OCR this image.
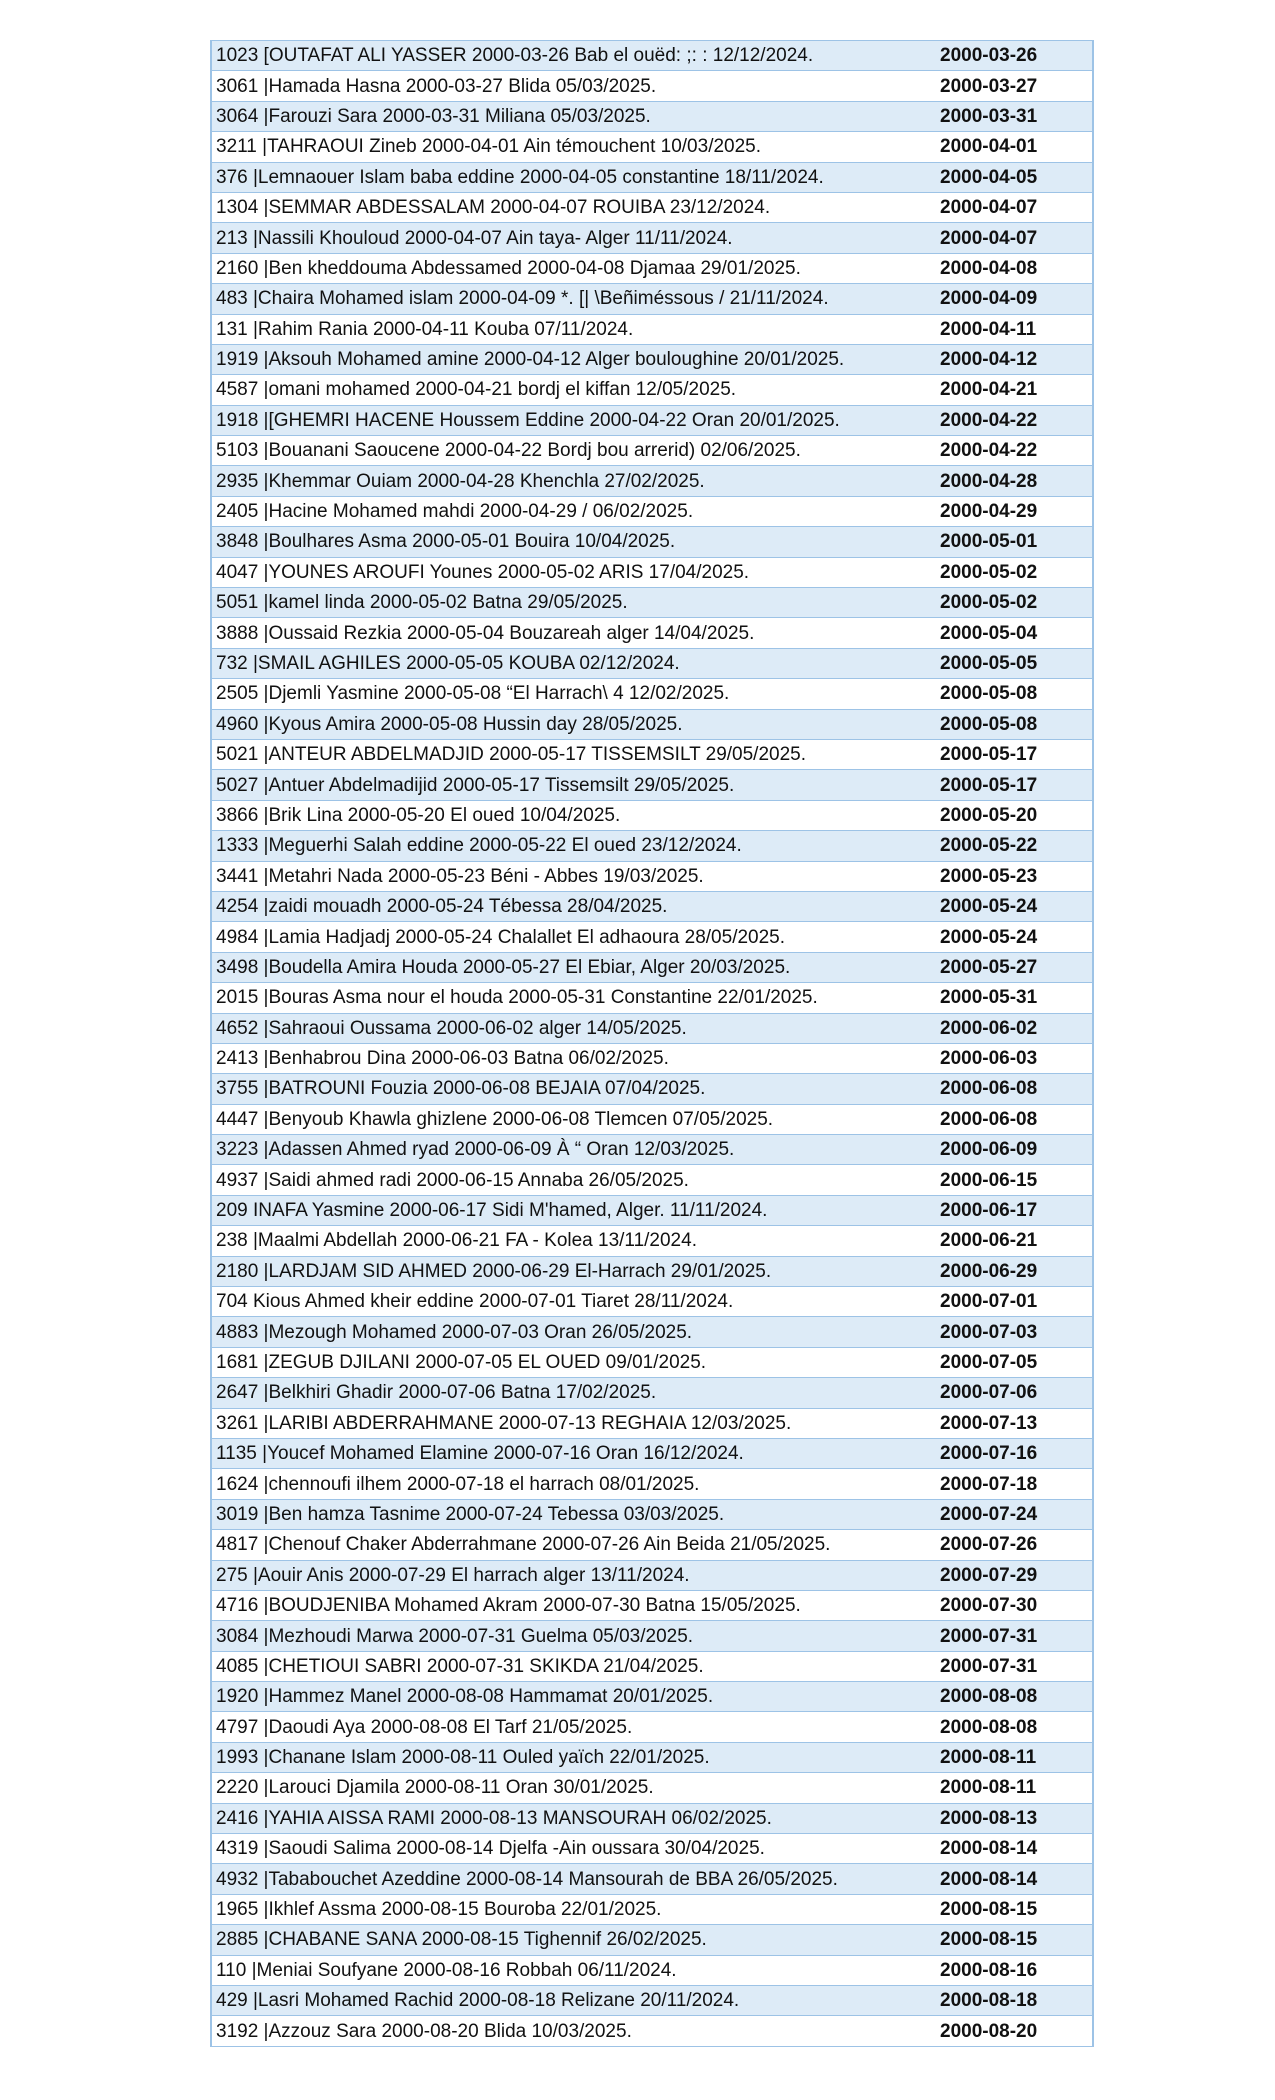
1023 [OUTAFAT ALI YASSER 2000-03-26 Bab el ouëd: ;: : 12/12/2024.	2000-03-26
3061 |Hamada Hasna 2000-03-27 Blida 05/03/2025.	2000-03-27
3064 |Farouzi Sara 2000-03-31 Miliana 05/03/2025.	2000-03-31
3211 |TAHRAOUI Zineb 2000-04-01 Ain témouchent 10/03/2025.	2000-04-01
376 |Lemnaouer Islam baba eddine 2000-04-05 constantine 18/11/2024.	2000-04-05
1304 |SEMMAR ABDESSALAM 2000-04-07 ROUIBA 23/12/2024.	2000-04-07
213 |Nassili Khouloud 2000-04-07 Ain taya- Alger 11/11/2024.	2000-04-07
2160 |Ben kheddouma Abdessamed 2000-04-08 Djamaa 29/01/2025.	2000-04-08
483 |Chaira Mohamed islam 2000-04-09 *. [| \Beñiméssous / 21/11/2024.	2000-04-09
131 |Rahim Rania 2000-04-11 Kouba 07/11/2024.	2000-04-11
1919 |Aksouh Mohamed amine 2000-04-12 Alger bouloughine 20/01/2025.	2000-04-12
4587 |omani mohamed 2000-04-21 bordj el kiffan 12/05/2025.	2000-04-21
1918 |[GHEMRI HACENE Houssem Eddine 2000-04-22 Oran 20/01/2025.	2000-04-22
5103 |Bouanani Saoucene 2000-04-22 Bordj bou arrerid) 02/06/2025.	2000-04-22
2935 |Khemmar Ouiam 2000-04-28 Khenchla 27/02/2025.	2000-04-28
2405 |Hacine Mohamed mahdi 2000-04-29 / 06/02/2025.	2000-04-29
3848 |Boulhares Asma 2000-05-01 Bouira 10/04/2025.	2000-05-01
4047 |YOUNES AROUFI Younes 2000-05-02 ARIS 17/04/2025.	2000-05-02
5051 |kamel linda 2000-05-02 Batna 29/05/2025.	2000-05-02
3888 |Oussaid Rezkia 2000-05-04 Bouzareah alger 14/04/2025.	2000-05-04
732 |SMAIL AGHILES 2000-05-05 KOUBA 02/12/2024.	2000-05-05
2505 |Djemli Yasmine 2000-05-08 “El Harrach\ 4 12/02/2025.	2000-05-08
4960 |Kyous Amira 2000-05-08 Hussin day 28/05/2025.	2000-05-08
5021 |ANTEUR ABDELMADJID 2000-05-17 TISSEMSILT 29/05/2025.	2000-05-17
5027 |Antuer Abdelmadijid 2000-05-17 Tissemsilt 29/05/2025.	2000-05-17
3866 |Brik Lina 2000-05-20 El oued 10/04/2025.	2000-05-20
1333 |Meguerhi Salah eddine 2000-05-22 El oued 23/12/2024.	2000-05-22
3441 |Metahri Nada 2000-05-23 Béni - Abbes 19/03/2025.	2000-05-23
4254 |zaidi mouadh 2000-05-24 Tébessa 28/04/2025.	2000-05-24
4984 |Lamia Hadjadj 2000-05-24 Chalallet El adhaoura 28/05/2025.	2000-05-24
3498 |Boudella Amira Houda 2000-05-27 El Ebiar, Alger 20/03/2025.	2000-05-27
2015 |Bouras Asma nour el houda 2000-05-31 Constantine 22/01/2025.	2000-05-31
4652 |Sahraoui Oussama 2000-06-02 alger 14/05/2025.	2000-06-02
2413 |Benhabrou Dina 2000-06-03 Batna 06/02/2025.	2000-06-03
3755 |BATROUNI Fouzia 2000-06-08 BEJAIA 07/04/2025.	2000-06-08
4447 |Benyoub Khawla ghizlene 2000-06-08 Tlemcen 07/05/2025.	2000-06-08
3223 |Adassen Ahmed ryad 2000-06-09 À “ Oran 12/03/2025.	2000-06-09
4937 |Saidi ahmed radi 2000-06-15 Annaba 26/05/2025.	2000-06-15
209 INAFA Yasmine 2000-06-17 Sidi M'hamed, Alger. 11/11/2024.	2000-06-17
238 |Maalmi Abdellah 2000-06-21 FA - Kolea 13/11/2024.	2000-06-21
2180 |LARDJAM SID AHMED 2000-06-29 El-Harrach 29/01/2025.	2000-06-29
704 Kious Ahmed kheir eddine 2000-07-01 Tiaret 28/11/2024.	2000-07-01
4883 |Mezough Mohamed 2000-07-03 Oran 26/05/2025.	2000-07-03
1681 |ZEGUB DJILANI 2000-07-05 EL OUED 09/01/2025.	2000-07-05
2647 |Belkhiri Ghadir 2000-07-06 Batna 17/02/2025.	2000-07-06
3261 |LARIBI ABDERRAHMANE 2000-07-13 REGHAIA 12/03/2025.	2000-07-13
1135 |Youcef Mohamed Elamine 2000-07-16 Oran 16/12/2024.	2000-07-16
1624 |chennoufi ilhem 2000-07-18 el harrach 08/01/2025.	2000-07-18
3019 |Ben hamza Tasnime 2000-07-24 Tebessa 03/03/2025.	2000-07-24
4817 |Chenouf Chaker Abderrahmane 2000-07-26 Ain Beida 21/05/2025.	2000-07-26
275 |Aouir Anis 2000-07-29 El harrach alger 13/11/2024.	2000-07-29
4716 |BOUDJENIBA Mohamed Akram 2000-07-30 Batna 15/05/2025.	2000-07-30
3084 |Mezhoudi Marwa 2000-07-31 Guelma 05/03/2025.	2000-07-31
4085 |CHETIOUI SABRI 2000-07-31 SKIKDA 21/04/2025.	2000-07-31
1920 |Hammez Manel 2000-08-08 Hammamat 20/01/2025.	2000-08-08
4797 |Daoudi Aya 2000-08-08 El Tarf 21/05/2025.	2000-08-08
1993 |Chanane Islam 2000-08-11 Ouled yaïch 22/01/2025.	2000-08-11
2220 |Larouci Djamila 2000-08-11 Oran 30/01/2025.	2000-08-11
2416 |YAHIA AISSA RAMI 2000-08-13 MANSOURAH 06/02/2025.	2000-08-13
4319 |Saoudi Salima 2000-08-14 Djelfa -Ain oussara 30/04/2025.	2000-08-14
4932 |Tababouchet Azeddine 2000-08-14 Mansourah de BBA 26/05/2025.	2000-08-14
1965 |Ikhlef Assma 2000-08-15 Bouroba 22/01/2025.	2000-08-15
2885 |CHABANE SANA 2000-08-15 Tighennif 26/02/2025.	2000-08-15
110 |Meniai Soufyane 2000-08-16 Robbah 06/11/2024.	2000-08-16
429 |Lasri Mohamed Rachid 2000-08-18 Relizane 20/11/2024.	2000-08-18
3192 |Azzouz Sara 2000-08-20 Blida 10/03/2025.	2000-08-20
